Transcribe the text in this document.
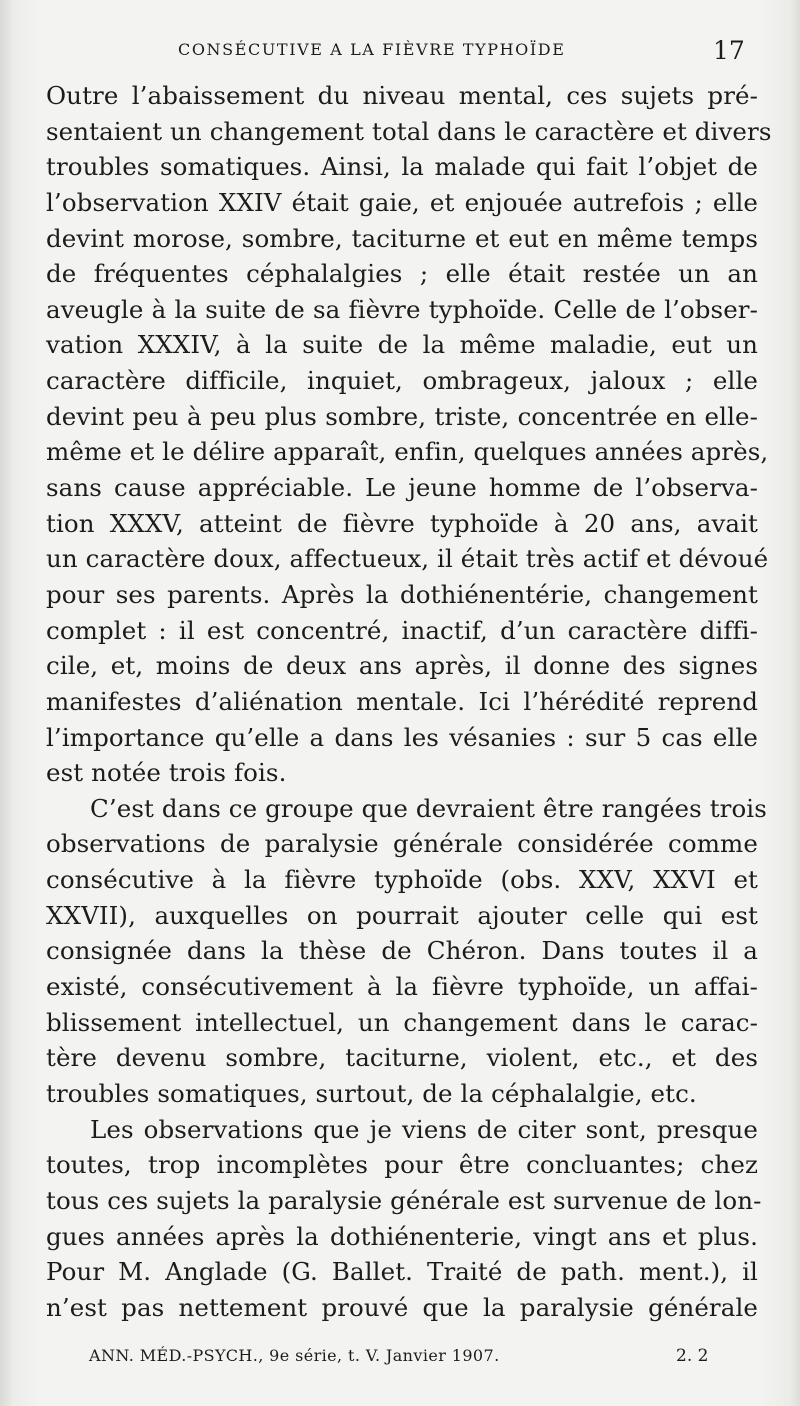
CONSÉCUTIVE A LA FIÈVRE TYPHOÏDE	17
Outre l’abaissement du niveau mental, ces sujets pré-
sentaient un changement total dans le caractère et divers
troubles somatiques. Ainsi, la malade qui fait l’objet de
l’observation XXIV était gaie, et enjouée autrefois ; elle
devint morose, sombre, taciturne et eut en même temps
de fréquentes céphalalgies ; elle était restée un an
aveugle à la suite de sa fièvre typhoïde. Celle de l’obser-
vation XXXIV, à la suite de la même maladie, eut un
caractère difficile, inquiet, ombrageux, jaloux ; elle
devint peu à peu plus sombre, triste, concentrée en elle-
même et le délire apparaît, enfin, quelques années après,
sans cause appréciable. Le jeune homme de l’observa-
tion XXXV, atteint de fièvre typhoïde à 20 ans, avait
un caractère doux, affectueux, il était très actif et dévoué
pour ses parents. Après la dothiénentérie, changement
complet : il est concentré, inactif, d’un caractère diffi-
cile, et, moins de deux ans après, il donne des signes
manifestes d’aliénation mentale. Ici l’hérédité reprend
l’importance qu’elle a dans les vésanies : sur 5 cas elle
est notée trois fois.
C’est dans ce groupe que devraient être rangées trois
observations de paralysie générale considérée comme
consécutive à la fièvre typhoïde (obs. XXV, XXVI et
XXVII), auxquelles on pourrait ajouter celle qui est
consignée dans la thèse de Chéron. Dans toutes il a
existé, consécutivement à la fièvre typhoïde, un affai-
blissement intellectuel, un changement dans le carac-
tère devenu sombre, taciturne, violent, etc., et des
troubles somatiques, surtout, de la céphalalgie, etc.
Les observations que je viens de citer sont, presque
toutes, trop incomplètes pour être concluantes; chez
tous ces sujets la paralysie générale est survenue de lon-
gues années après la dothiénenterie, vingt ans et plus.
Pour M. Anglade (G. Ballet. Traité de path. ment.), il
n’est pas nettement prouvé que la paralysie générale
ANN. MÉD.-PSYCH., 9e série, t. V. Janvier 1907.	2. 2
